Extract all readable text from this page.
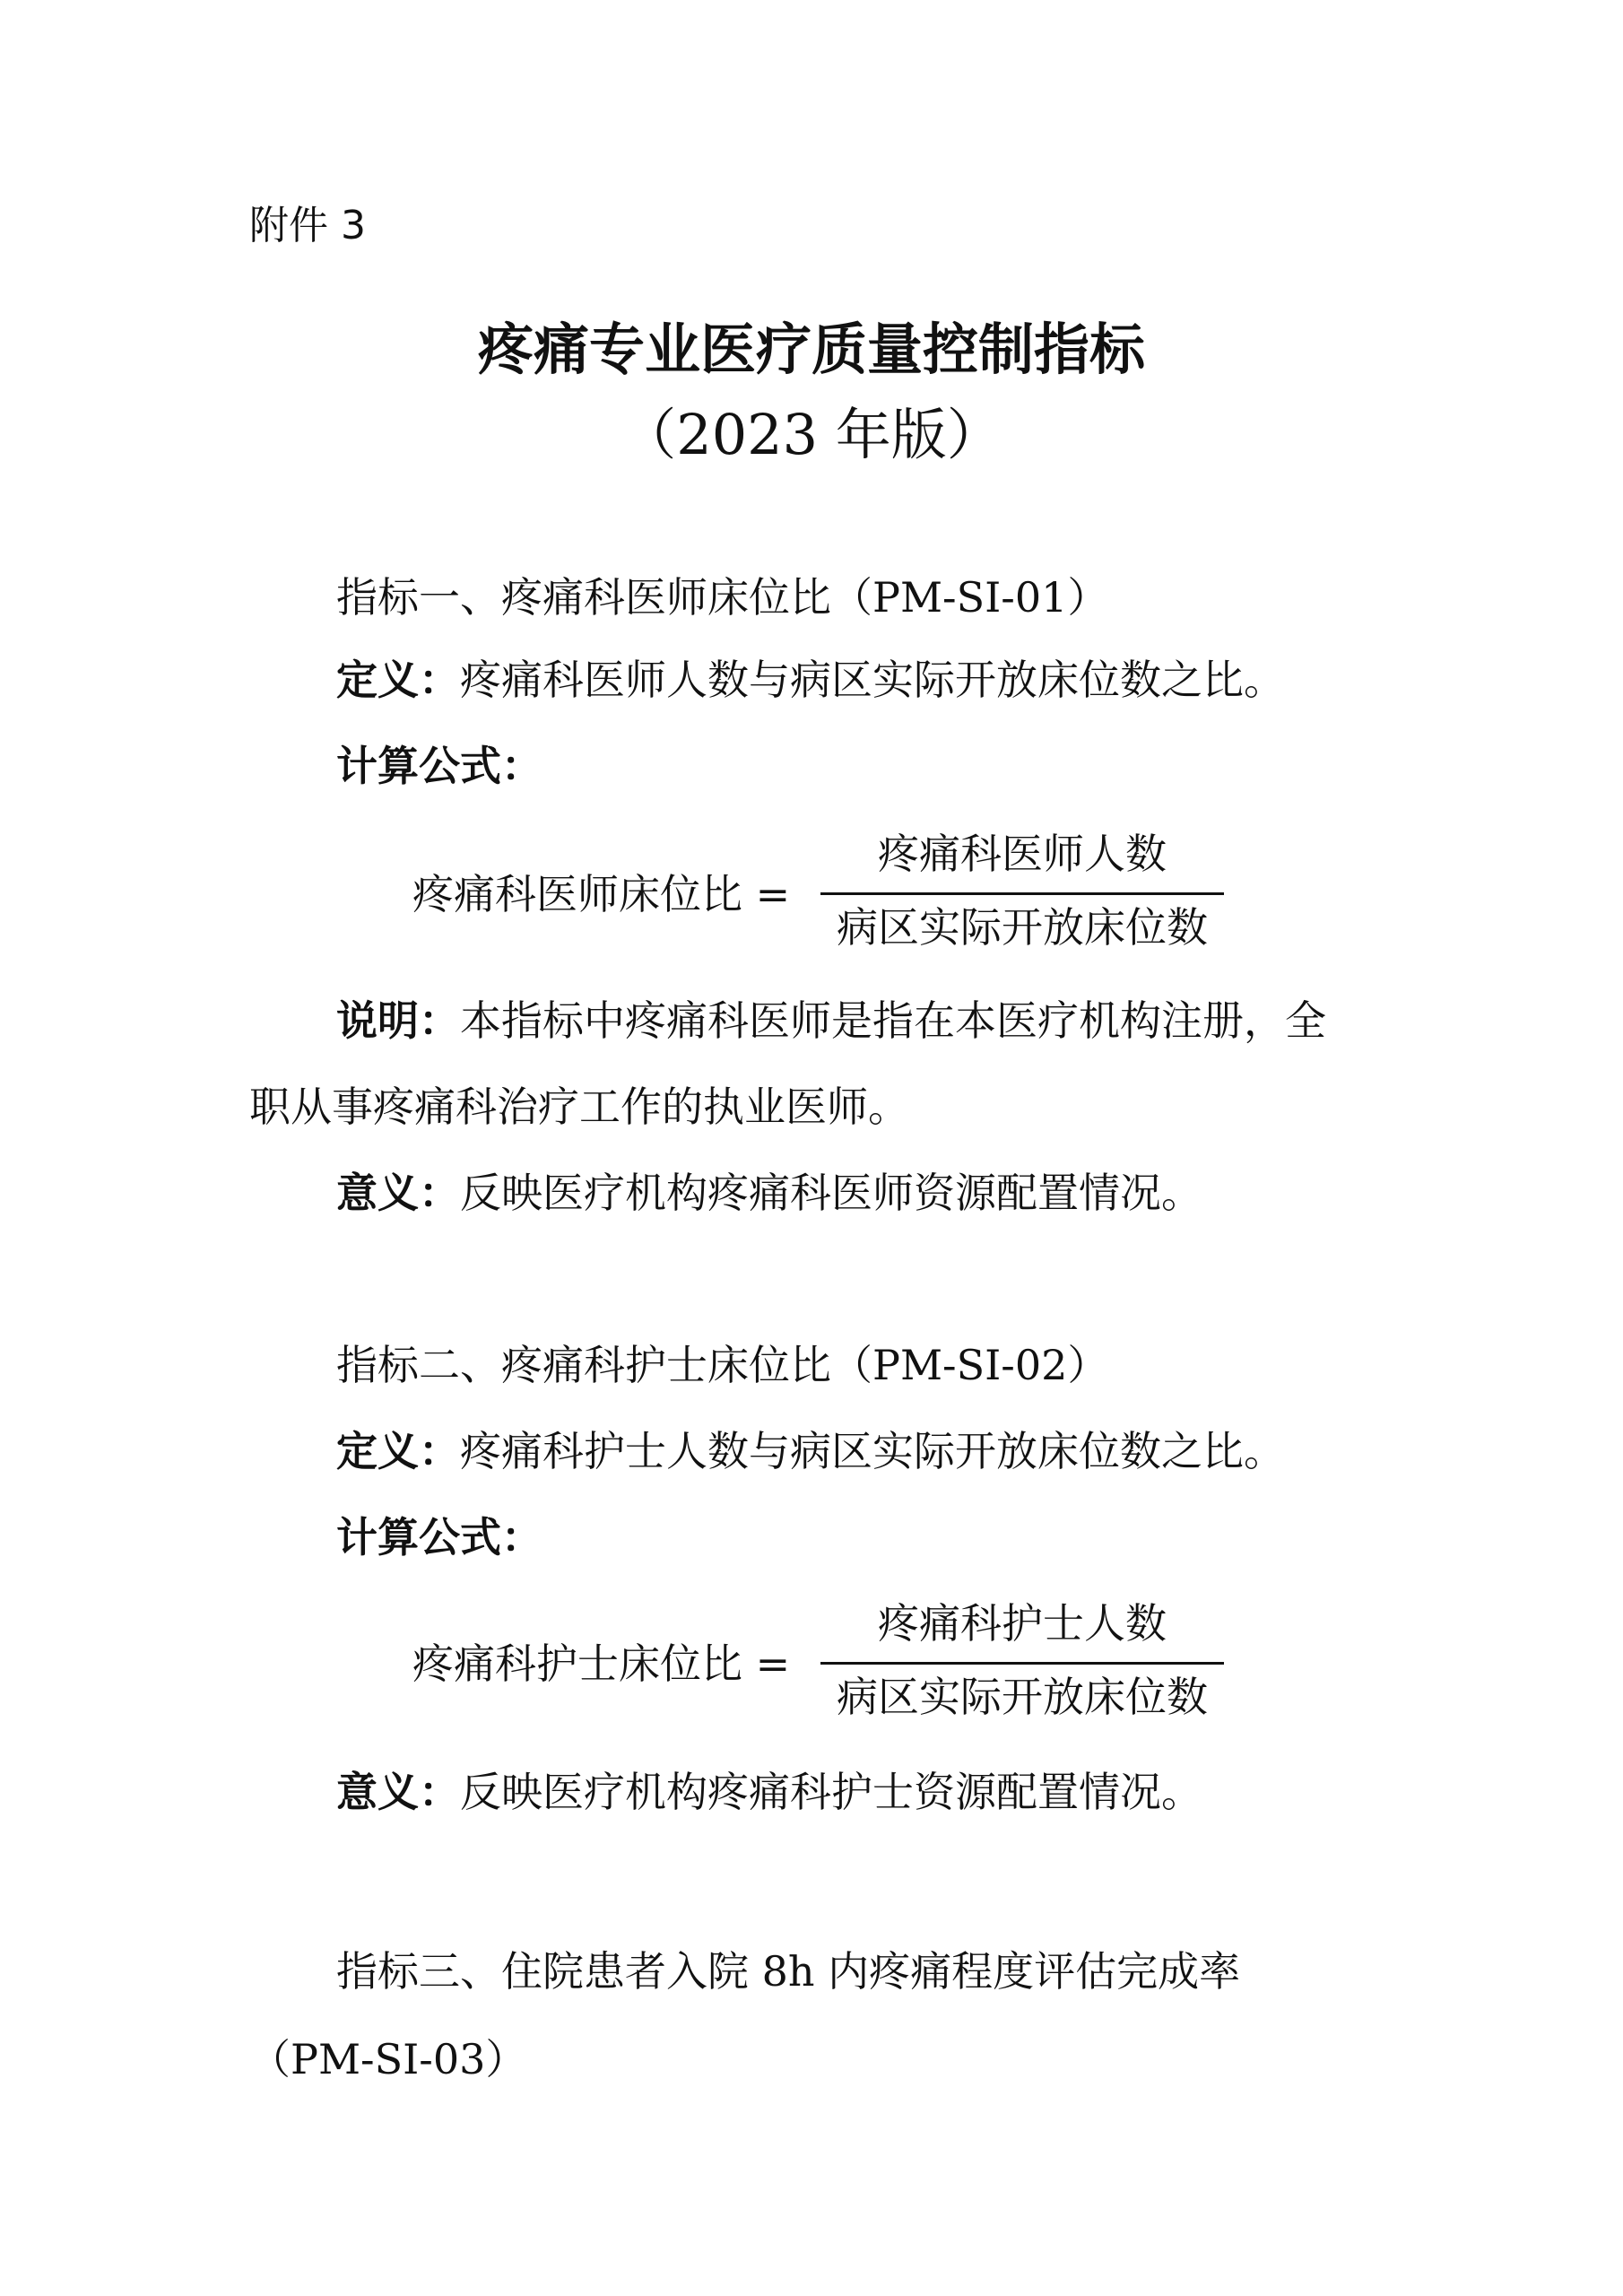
附件 3
疼痛专业医疗质量控制指标
（2023 年版）
指标一、疼痛科医师床位比（PM-SI-01）
定义：疼痛科医师人数与病区实际开放床位数之比。
计算公式：
疼痛科医师床位比 =
疼痛科医师人数
病区实际开放床位数
说明：本指标中疼痛科医师是指在本医疗机构注册，全
职从事疼痛科治疗工作的执业医师。
意义：反映医疗机构疼痛科医师资源配置情况。
指标二、疼痛科护士床位比（PM-SI-02）
定义：疼痛科护士人数与病区实际开放床位数之比。
计算公式：
疼痛科护士床位比 =
疼痛科护士人数
病区实际开放床位数
意义：反映医疗机构疼痛科护士资源配置情况。
指标三、住院患者入院 8h 内疼痛程度评估完成率
（PM-SI-03）
